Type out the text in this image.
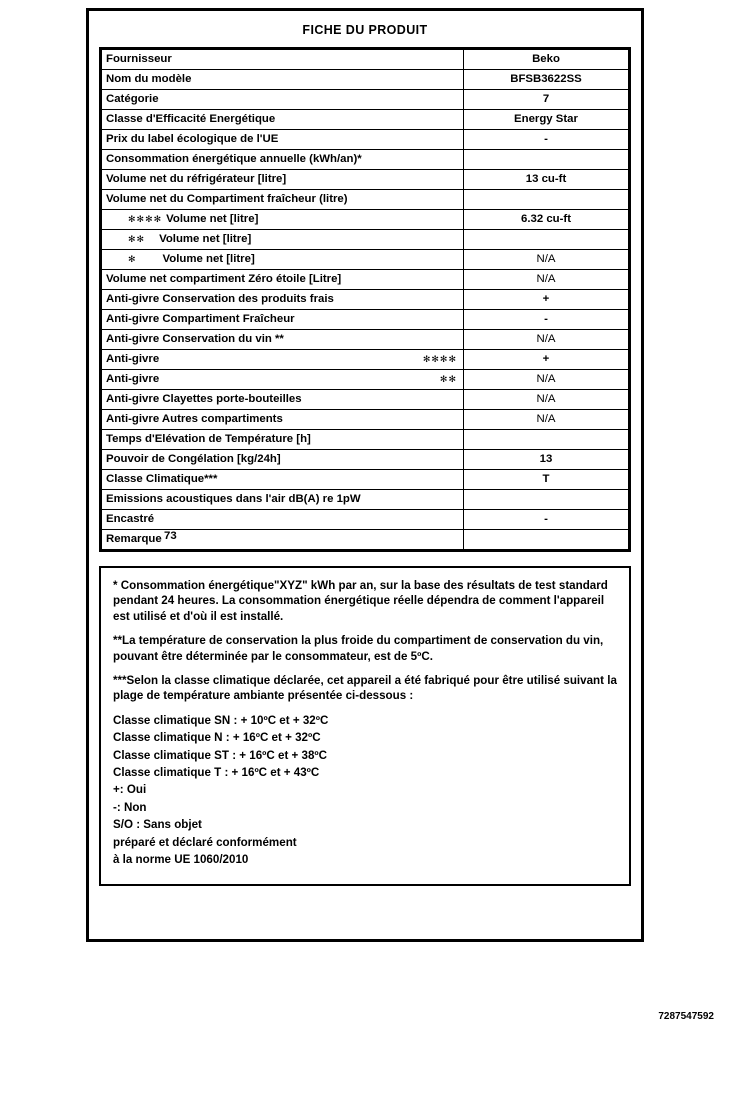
FICHE DU PRODUIT
Fournisseur	Beko

Nom du modèle	BFSB3622SS

Catégorie	7

Classe d'Efficacité Energétique	Energy Star

Prix du label écologique de l'UE	-

Consommation énergétique annuelle (kWh/an)*	

Volume net du réfrigérateur [litre]	13 cu-ft

Volume net du Compartiment fraîcheur (litre)	

✻✻✻✻ Volume net [litre]	6.32 cu-ft

✻✻ Volume net [litre]	

✻ Volume net [litre]	N/A

Volume net compartiment Zéro étoile [Litre]	N/A

Anti-givre Conservation des produits frais	+

Anti-givre Compartiment Fraîcheur	-

Anti-givre Conservation du vin **	N/A

Anti-givre ✻✻✻✻	+

Anti-givre ✻✻	N/A

Anti-givre Clayettes porte-bouteilles	N/A

Anti-givre Autres compartiments	N/A

Temps d'Elévation de Température [h]	

Pouvoir de Congélation [kg/24h]	13

Classe Climatique***	T

Emissions acoustiques dans l'air dB(A) re 1pW	

Encastré	-
Remarque 73	

* Consommation énergétique"XYZ" kWh par an, sur la base des résultats de test standard pendant 24 heures. La consommation énergétique réelle dépendra de comment l'appareil est utilisé et d'où il est installé.

**La température de conservation la plus froide du compartiment de conservation du vin, pouvant être déterminée par le consommateur, est de 5ºC.

***Selon la classe climatique déclarée, cet appareil a été fabriqué pour être utilisé suivant la plage de température ambiante présentée ci-dessous :

Classe climatique SN : + 10ºC et + 32ºC

Classe climatique N : + 16ºC et + 32ºC

Classe climatique ST : + 16ºC et + 38ºC

Classe climatique T : + 16ºC et + 43ºC

+: Oui

-: Non

S/O : Sans objet

préparé et déclaré conformément

à la norme UE 1060/2010

7287547592
